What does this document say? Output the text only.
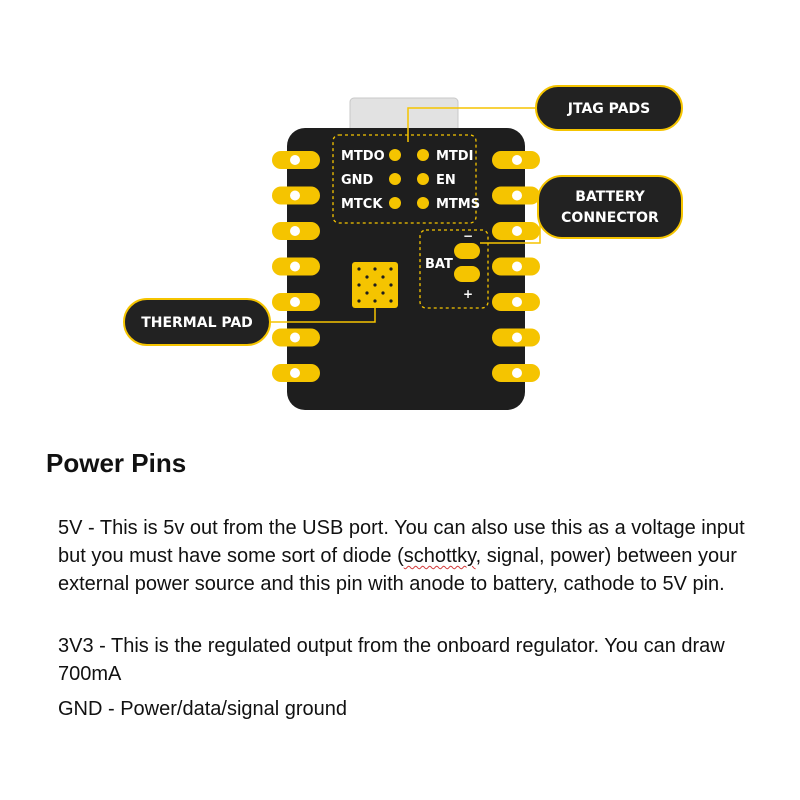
MTDO	MTDI
GND	EN
MTCK	MTMS
BAT
−
+
JTAG PADS
BATTERY
CONNECTOR
THERMAL PAD
Power Pins

5V - This is 5v out from the USB port. You can also use this as a voltage input but you must have some sort of diode (schottky, signal, power) between your external power source and this pin with anode to battery, cathode to 5V pin.

3V3 - This is the regulated output from the onboard regulator. You can draw 700mA

GND - Power/data/signal ground
